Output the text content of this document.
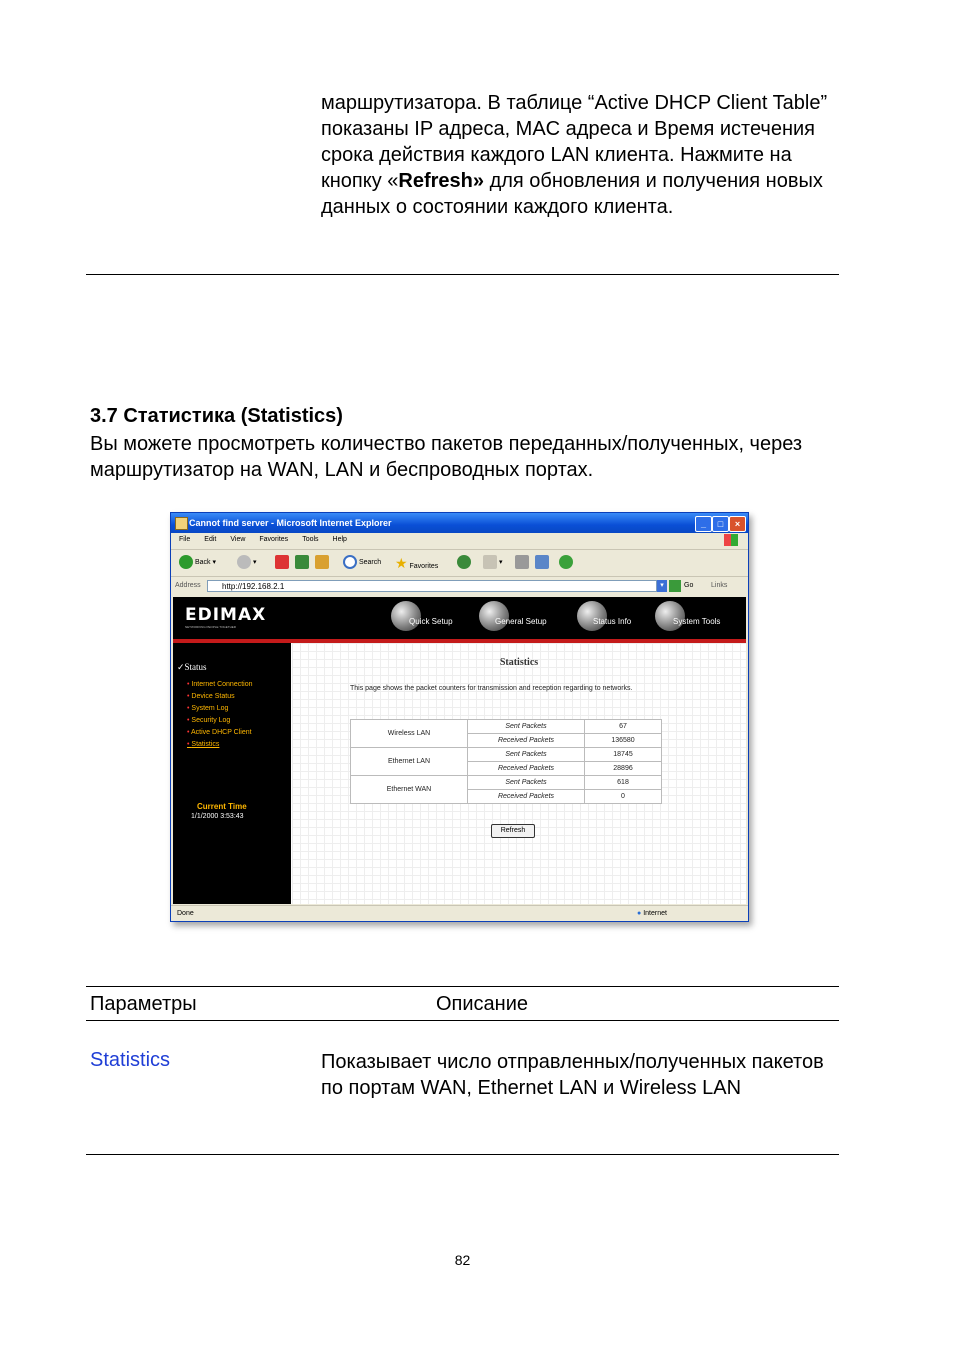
маршрутизатора. В таблице “Active DHCP Client Table” показаны IP адреса, MAC адреса и Время истечения срока действия каждого LAN клиента. Нажмите на кнопку «Refresh» для обновления и получения новых данных о состоянии каждого клиента.
3.7 Статистика (Statistics)
Вы можете просмотреть количество пакетов переданных/полученных, через маршрутизатор на WAN, LAN и беспроводных портах.
Cannot find server - Microsoft Internet Explorer	_	□	×
File Edit View Favorites Tools Help
Back ▾	▾	Search ★ Favorites
▾
Address	http://192.168.2.1	▾	Go	Links
EDIMAX
NETWORKING PEOPLE TOGETHER
Quick Setup	General Setup	Status Info	System Tools
✓Status
• Internet Connection
• Device Status
• System Log
• Security Log
• Active DHCP Client
• Statistics
Current Time
1/1/2000 3:53:43
Statistics
This page shows the packet counters for transmission and reception regarding to networks.
Wireless LAN	Sent Packets	67
	Received Packets	136580
Ethernet LAN	Sent Packets	18745
	Received Packets	28896
Ethernet WAN	Sent Packets	618
	Received Packets	0
Refresh
Done	● Internet
Параметры	Описание
Statistics	Показывает число отправленных/полученных пакетов по портам WAN, Ethernet LAN и Wireless LAN
82
